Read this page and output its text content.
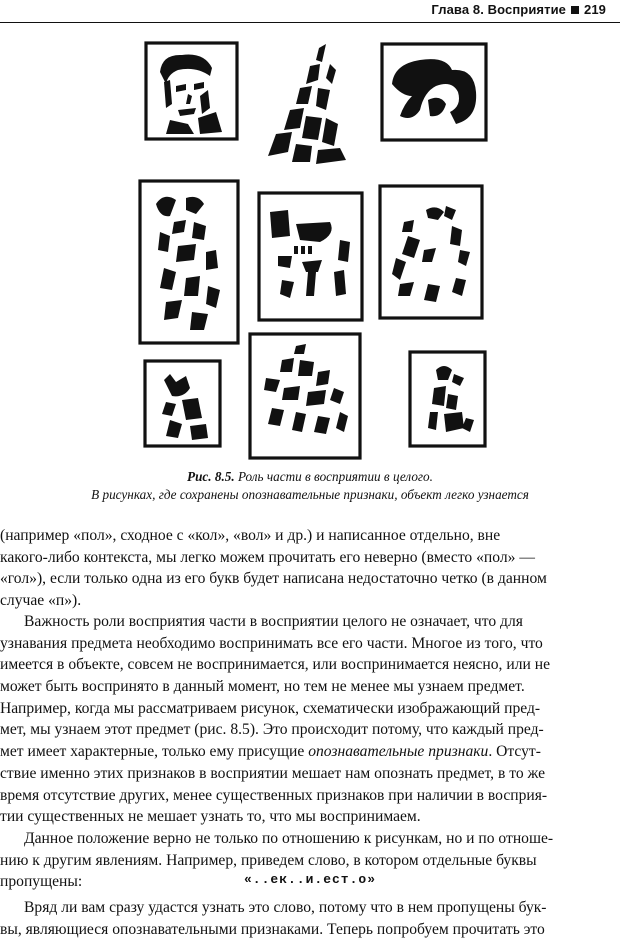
Глава 8. Восприятие 219
Рис. 8.5. Роль части в восприятии в целого.
В рисунках, где сохранены опознавательные признаки, объект легко узнается
(например «пол», сходное с «кол», «вол» и др.) и написанное отдельно, вне
какого-либо контекста, мы легко можем прочитать его неверно (вместо «пол» —
«гол»), если только одна из его букв будет написана недостаточно четко (в данном
случае «п»).
Важность роли восприятия части в восприятии целого не означает, что для
узнавания предмета необходимо воспринимать все его части. Многое из того, что
имеется в объекте, совсем не воспринимается, или воспринимается неясно, или не
может быть воспринято в данный момент, но тем не менее мы узнаем предмет.
Например, когда мы рассматриваем рисунок, схематически изображающий пред-
мет, мы узнаем этот предмет (рис. 8.5). Это происходит потому, что каждый пред-
мет имеет характерные, только ему присущие опознавательные признаки. Отсут-
ствие именно этих признаков в восприятии мешает нам опознать предмет, в то же
время отсутствие других, менее существенных признаков при наличии в восприя-
тии существенных не мешает узнать то, что мы воспринимаем.
Данное положение верно не только по отношению к рисункам, но и по отноше-
нию к другим явлениям. Например, приведем слово, в котором отдельные буквы
пропущены:	«..ек..и.ест.о»
Вряд ли вам сразу удастся узнать это слово, потому что в нем пропущены бук-
вы, являющиеся опознавательными признаками. Теперь попробуем прочитать это
